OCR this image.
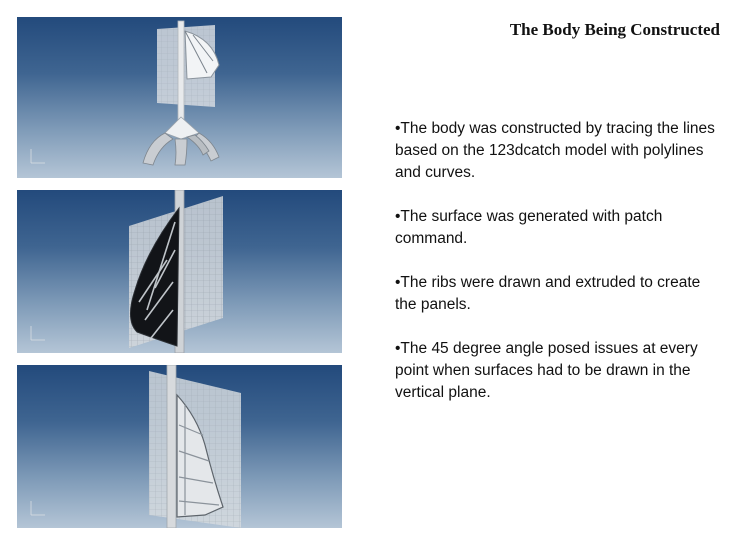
The Body Being Constructed

•The body was constructed by tracing the lines based on the 123dcatch model with polylines and curves.

•The surface was generated with patch command.

•The ribs were drawn and extruded to create the panels.

•The 45 degree angle posed issues at every point when surfaces had to be drawn in the vertical plane.
